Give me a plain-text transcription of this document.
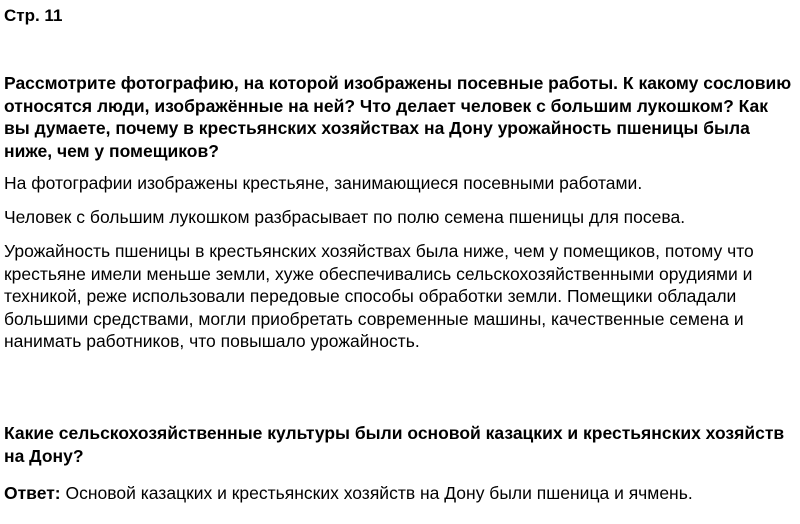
Стр. 11

Рассмотрите фотографию, на которой изображены посевные работы. К какому сословию относятся люди, изображённые на ней? Что делает человек с большим лукошком? Как вы думаете, почему в крестьянских хозяйствах на Дону урожайность пшеницы была ниже, чем у помещиков?

На фотографии изображены крестьяне, занимающиеся посевными работами.

Человек с большим лукошком разбрасывает по полю семена пшеницы для посева.

Урожайность пшеницы в крестьянских хозяйствах была ниже, чем у помещиков, потому что крестьяне имели меньше земли, хуже обеспечивались сельскохозяйственными орудиями и техникой, реже использовали передовые способы обработки земли. Помещики обладали большими средствами, могли приобретать современные машины, качественные семена и нанимать работников, что повышало урожайность.

Какие сельскохозяйственные культуры были основой казацких и крестьянских хозяйств на Дону?

Ответ: Основой казацких и крестьянских хозяйств на Дону были пшеница и ячмень.
